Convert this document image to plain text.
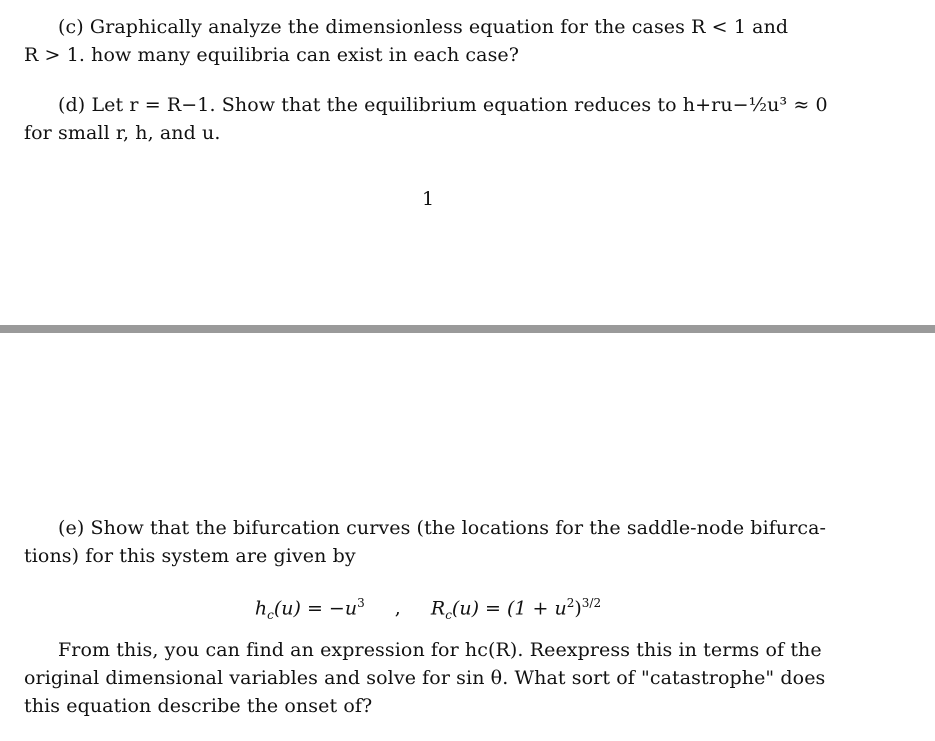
(c) Graphically analyze the dimensionless equation for the cases R < 1 and

R > 1. how many equilibria can exist in each case?

(d) Let r = R−1. Show that the equilibrium equation reduces to h+ru−½u³ ≈ 0

for small r, h, and u.

1

(e) Show that the bifurcation curves (the locations for the saddle-node bifurca-

tions) for this system are given by

$h_c(u) = -u^3$ , $R_c(u) = (1 + u^2)^{3/2}$

From this, you can find an expression for hc(R). Reexpress this in terms of the

original dimensional variables and solve for sin θ. What sort of "catastrophe" does

this equation describe the onset of?
